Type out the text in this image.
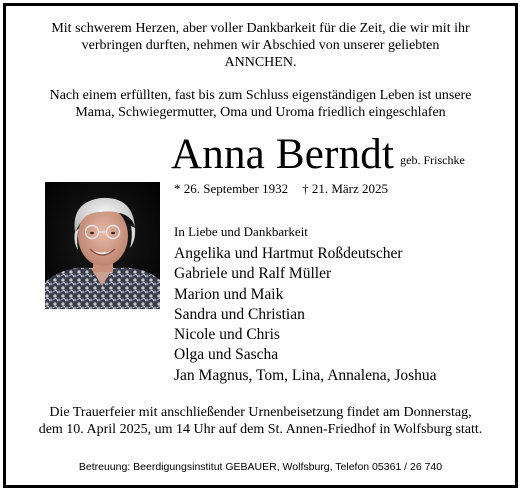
Mit schwerem Herzen, aber voller Dankbarkeit für die Zeit, die wir mit ihr
verbringen durften, nehmen wir Abschied von unserer geliebten
ANNCHEN.
Nach einem erfüllten, fast bis zum Schluss eigenständigen Leben ist unsere
Mama, Schwiegermutter, Oma und Uroma friedlich eingeschlafen
Anna Berndt $^{geb. Frischke}$
* 26. September 1932 † 21. März 2025
In Liebe und Dankbarkeit
Angelika und Hartmut Roßdeutscher
Gabriele und Ralf Müller
Marion und Maik
Sandra und Christian
Nicole und Chris
Olga und Sascha
Jan Magnus, Tom, Lina, Annalena, Joshua
Die Trauerfeier mit anschließender Urnenbeisetzung findet am Donnerstag,
dem 10. April 2025, um 14 Uhr auf dem St. Annen-Friedhof in Wolfsburg statt.
Betreuung: Beerdigungsinstitut GEBAUER, Wolfsburg, Telefon 05361 / 26 740
